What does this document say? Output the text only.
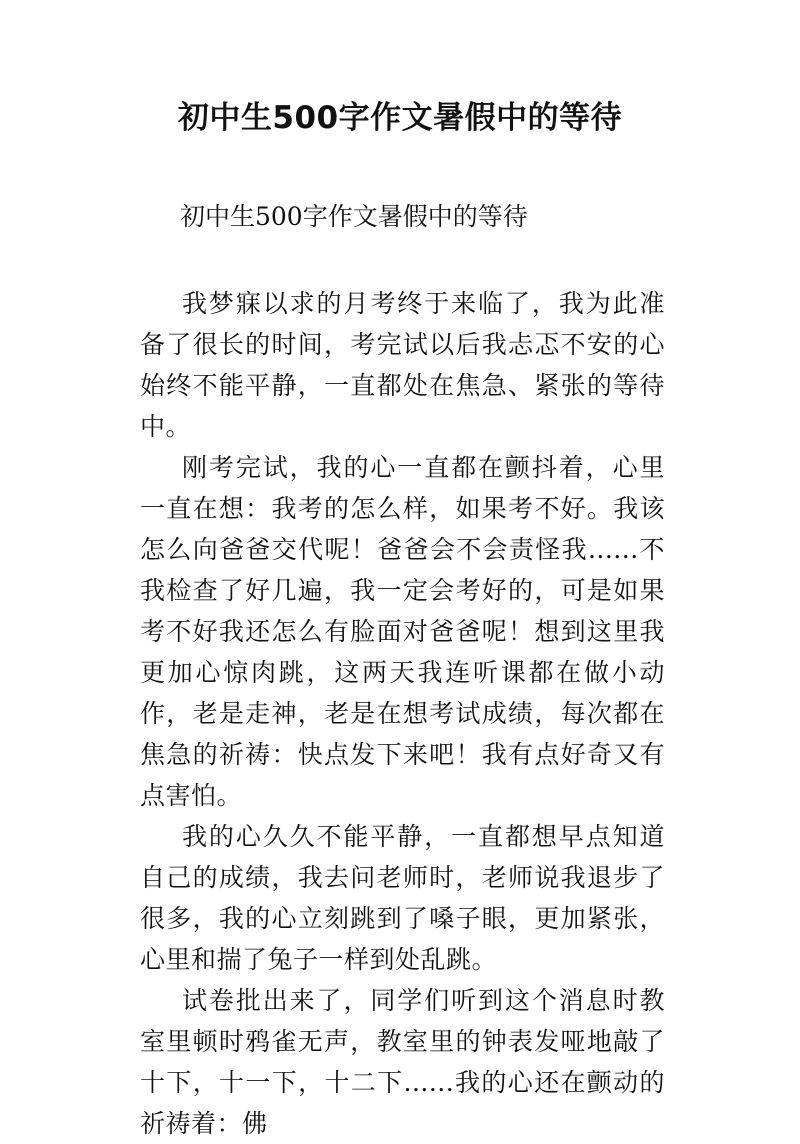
初中生500字作文暑假中的等待
初中生500字作文暑假中的等待

我梦寐以求的月考终于来临了，我为此准备了很长的时间，考完试以后我忐忑不安的心始终不能平静，一直都处在焦急、紧张的等待中。

刚考完试，我的心一直都在颤抖着，心里一直在想：我考的怎么样，如果考不好。我该怎么向爸爸交代呢！爸爸会不会责怪我......不我检查了好几遍，我一定会考好的，可是如果考不好我还怎么有脸面对爸爸呢！想到这里我更加心惊肉跳，这两天我连听课都在做小动作，老是走神，老是在想考试成绩，每次都在焦急的祈祷：快点发下来吧！我有点好奇又有点害怕。

我的心久久不能平静，一直都想早点知道自己的成绩，我去问老师时，老师说我退步了很多，我的心立刻跳到了嗓子眼，更加紧张，心里和揣了兔子一样到处乱跳。

试卷批出来了，同学们听到这个消息时教室里顿时鸦雀无声，教室里的钟表发哑地敲了十下，十一下，十二下......我的心还在颤动的祈祷着：佛
